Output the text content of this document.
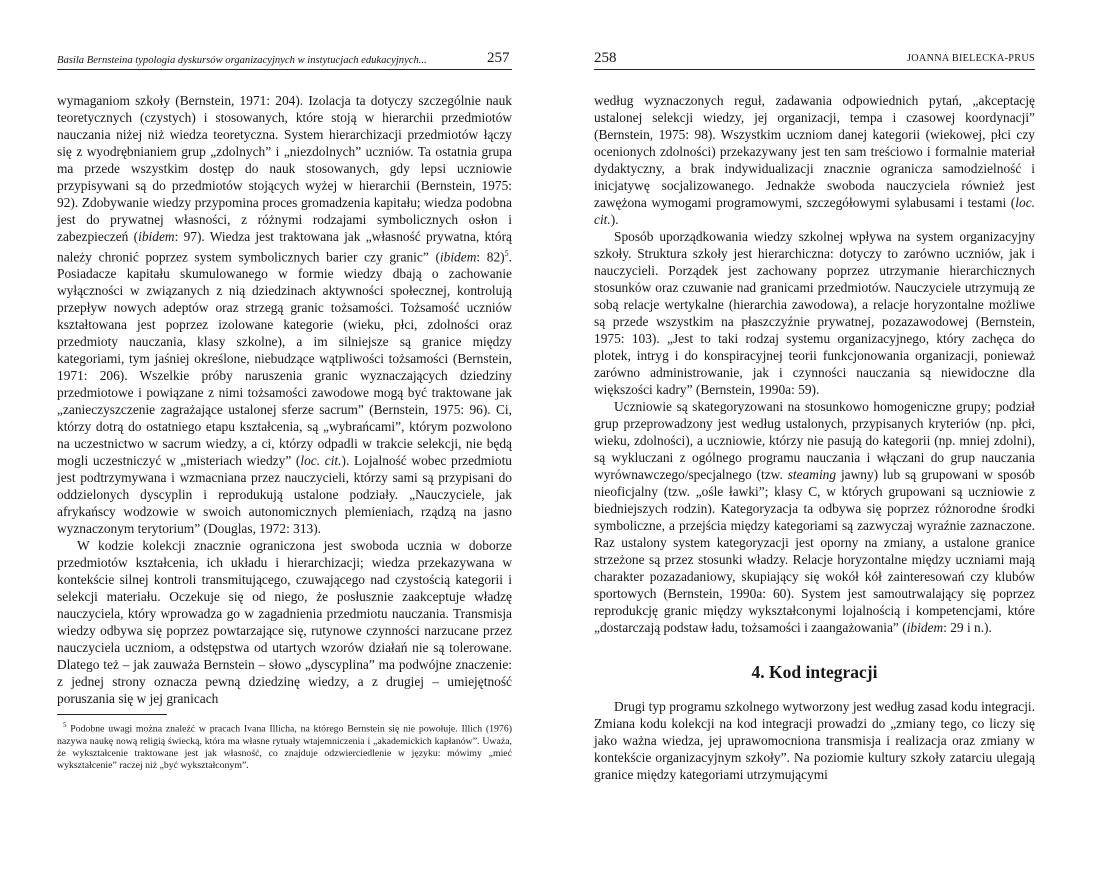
Basila Bernsteina typologia dyskursów organizacyjnych w instytucjach edukacyjnych...	257

wymaganiom szkoły (Bernstein, 1971: 204). Izolacja ta dotyczy szczególnie nauk teoretycznych (czystych) i stosowanych, które stoją w hierarchii przedmiotów nauczania niżej niż wiedza teoretyczna. System hierarchizacji przedmiotów łączy się z wyodrębnianiem grup „zdolnych” i „niezdolnych” uczniów. Ta ostatnia grupa ma przede wszystkim dostęp do nauk stosowanych, gdy lepsi uczniowie przypisywani są do przedmiotów stojących wyżej w hierarchii (Bernstein, 1975: 92). Zdobywanie wiedzy przypomina proces gromadzenia kapitału; wiedza podobna jest do prywatnej własności, z różnymi rodzajami symbolicznych osłon i zabezpieczeń (ibidem: 97). Wiedza jest traktowana jak „własność prywatna, którą należy chronić poprzez system symbolicznych barier czy granic” (ibidem: 82)$^5$. Posiadacze kapitału skumulowanego w formie wiedzy dbają o zachowanie wyłączności w związanych z nią dziedzinach aktywności społecznej, kontrolują przepływ nowych adeptów oraz strzegą granic tożsamości. Tożsamość uczniów kształtowana jest poprzez izolowane kategorie (wieku, płci, zdolności oraz przedmioty nauczania, klasy szkolne), a im silniejsze są granice między kategoriami, tym jaśniej określone, niebudzące wątpliwości tożsamości (Bernstein, 1971: 206). Wszelkie próby naruszenia granic wyznaczających dziedziny przedmiotowe i powiązane z nimi tożsamości zawodowe mogą być traktowane jak „zanieczyszczenie zagrażające ustalonej sferze sacrum” (Bernstein, 1975: 96). Ci, którzy dotrą do ostatniego etapu kształcenia, są „wybrańcami”, którym pozwolono na uczestnictwo w sacrum wiedzy, a ci, którzy odpadli w trakcie selekcji, nie będą mogli uczestniczyć w „misteriach wiedzy” (loc. cit.). Lojalność wobec przedmiotu jest podtrzymywana i wzmacniana przez nauczycieli, którzy sami są przypisani do oddzielonych dyscyplin i reprodukują ustalone podziały. „Nauczyciele, jak afrykańscy wodzowie w swoich autonomicznych plemieniach, rządzą na jasno wyznaczonym terytorium” (Douglas, 1972: 313).

W kodzie kolekcji znacznie ograniczona jest swoboda ucznia w doborze przedmiotów kształcenia, ich układu i hierarchizacji; wiedza przekazywana w kontekście silnej kontroli transmitującego, czuwającego nad czystością kategorii i selekcji materiału. Oczekuje się od niego, że posłusznie zaakceptuje władzę nauczyciela, który wprowadza go w zagadnienia przedmiotu nauczania. Transmisja wiedzy odbywa się poprzez powtarzające się, rutynowe czynności narzucane przez nauczyciela uczniom, a odstępstwa od utartych wzorów działań nie są tolerowane. Dlatego też – jak zauważa Bernstein – słowo „dyscyplina” ma podwójne znaczenie: z jednej strony oznacza pewną dziedzinę wiedzy, a z drugiej – umiejętność poruszania się w jej granicach

$^5$ Podobne uwagi można znaleźć w pracach Ivana Illicha, na którego Bernstein się nie powołuje. Illich (1976) nazywa naukę nową religią świecką, która ma własne rytuały wtajemniczenia i „akademickich kapłanów”. Uważa, że wykształcenie traktowane jest jak własność, co znajduje odzwierciedlenie w języku: mówimy „mieć wykształcenie” raczej niż „być wykształconym”.
258	JOANNA BIELECKA-PRUS

według wyznaczonych reguł, zadawania odpowiednich pytań, „akceptację ustalonej selekcji wiedzy, jej organizacji, tempa i czasowej koordynacji” (Bernstein, 1975: 98). Wszystkim uczniom danej kategorii (wiekowej, płci czy ocenionych zdolności) przekazywany jest ten sam treściowo i formalnie materiał dydaktyczny, a brak indywidualizacji znacznie ogranicza samodzielność i inicjatywę socjalizowanego. Jednakże swoboda nauczyciela również jest zawężona wymogami programowymi, szczegółowymi sylabusami i testami (loc. cit.).

Sposób uporządkowania wiedzy szkolnej wpływa na system organizacyjny szkoły. Struktura szkoły jest hierarchiczna: dotyczy to zarówno uczniów, jak i nauczycieli. Porządek jest zachowany poprzez utrzymanie hierarchicznych stosunków oraz czuwanie nad granicami przedmiotów. Nauczyciele utrzymują ze sobą relacje wertykalne (hierarchia zawodowa), a relacje horyzontalne możliwe są przede wszystkim na płaszczyźnie prywatnej, pozazawodowej (Bernstein, 1975: 103). „Jest to taki rodzaj systemu organizacyjnego, który zachęca do plotek, intryg i do konspiracyjnej teorii funkcjonowania organizacji, ponieważ zarówno administrowanie, jak i czynności nauczania są niewidoczne dla większości kadry” (Bernstein, 1990a: 59).

Uczniowie są skategoryzowani na stosunkowo homogeniczne grupy; podział grup przeprowadzony jest według ustalonych, przypisanych kryteriów (np. płci, wieku, zdolności), a uczniowie, którzy nie pasują do kategorii (np. mniej zdolni), są wykluczani z ogólnego programu nauczania i włączani do grup nauczania wyrównawczego/specjalnego (tzw. steaming jawny) lub są grupowani w sposób nieoficjalny (tzw. „ośle ławki”; klasy C, w których grupowani są uczniowie z biedniejszych rodzin). Kategoryzacja ta odbywa się poprzez różnorodne środki symboliczne, a przejścia między kategoriami są zazwyczaj wyraźnie zaznaczone. Raz ustalony system kategoryzacji jest oporny na zmiany, a ustalone granice strzeżone są przez stosunki władzy. Relacje horyzontalne między uczniami mają charakter pozazadaniowy, skupiający się wokół kół zainteresowań czy klubów sportowych (Bernstein, 1990a: 60). System jest samoutrwalający się poprzez reprodukcję granic między wykształconymi lojalnością i kompetencjami, które „dostarczają podstaw ładu, tożsamości i zaangażowania” (ibidem: 29 i n.).

4. Kod integracji

Drugi typ programu szkolnego wytworzony jest według zasad kodu integracji. Zmiana kodu kolekcji na kod integracji prowadzi do „zmiany tego, co liczy się jako ważna wiedza, jej uprawomocniona transmisja i realizacja oraz zmiany w kontekście organizacyjnym szkoły”. Na poziomie kultury szkoły zatarciu ulegają granice między kategoriami utrzymującymi
